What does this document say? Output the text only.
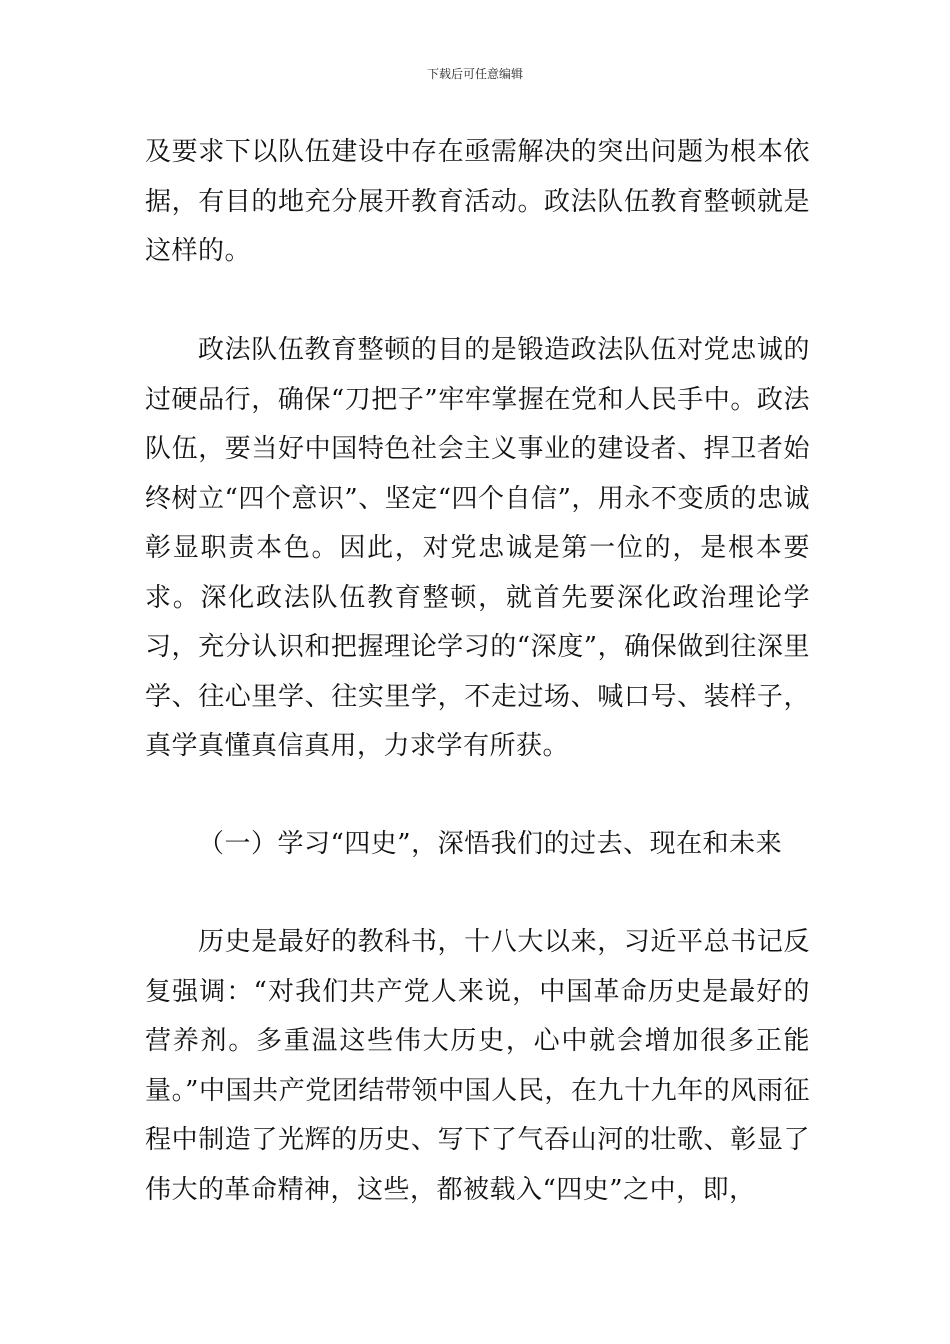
下载后可任意编辑

及要求下以队伍建设中存在亟需解决的突出问题为根本依据，有目的地充分展开教育活动。政法队伍教育整顿就是这样的。

政法队伍教育整顿的目的是锻造政法队伍对党忠诚的过硬品行，确保“刀把子”牢牢掌握在党和人民手中。政法队伍，要当好中国特色社会主义事业的建设者、捍卫者始终树立“四个意识”、坚定“四个自信”，用永不变质的忠诚彰显职责本色。因此，对党忠诚是第一位的，是根本要求。深化政法队伍教育整顿，就首先要深化政治理论学习，充分认识和把握理论学习的“深度”，确保做到往深里学、往心里学、往实里学，不走过场、喊口号、装样子，真学真懂真信真用，力求学有所获。

（一）学习“四史”，深悟我们的过去、现在和未来

历史是最好的教科书，十八大以来，习近平总书记反复强调：“对我们共产党人来说，中国革命历史是最好的营养剂。多重温这些伟大历史，心中就会增加很多正能量。”中国共产党团结带领中国人民，在九十九年的风雨征程中制造了光辉的历史、写下了气吞山河的壮歌、彰显了伟大的革命精神，这些，都被载入“四史”之中，即，
